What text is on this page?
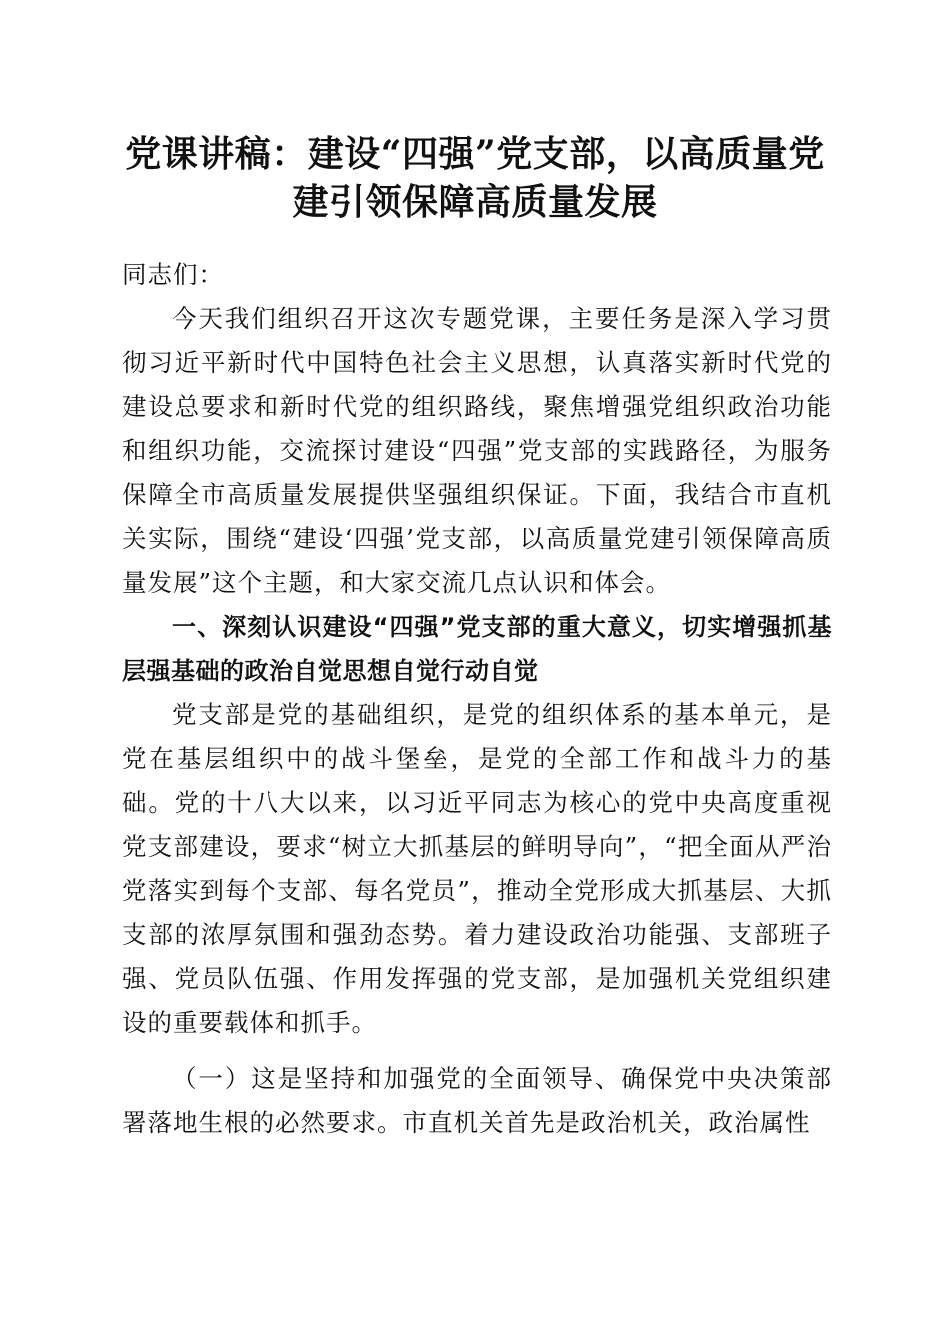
党课讲稿：建设“四强”党支部，以高质量党建引领保障高质量发展

同志们：

今天我们组织召开这次专题党课，主要任务是深入学习贯彻习近平新时代中国特色社会主义思想，认真落实新时代党的建设总要求和新时代党的组织路线，聚焦增强党组织政治功能和组织功能，交流探讨建设“四强”党支部的实践路径，为服务保障全市高质量发展提供坚强组织保证。下面，我结合市直机关实际，围绕“建设‘四强’党支部，以高质量党建引领保障高质量发展”这个主题，和大家交流几点认识和体会。

一、深刻认识建设“四强”党支部的重大意义，切实增强抓基层强基础的政治自觉思想自觉行动自觉

党支部是党的基础组织，是党的组织体系的基本单元，是党在基层组织中的战斗堡垒，是党的全部工作和战斗力的基础。党的十八大以来，以习近平同志为核心的党中央高度重视党支部建设，要求“树立大抓基层的鲜明导向”，“把全面从严治党落实到每个支部、每名党员”，推动全党形成大抓基层、大抓支部的浓厚氛围和强劲态势。着力建设政治功能强、支部班子强、党员队伍强、作用发挥强的党支部，是加强机关党组织建设的重要载体和抓手。

（一）这是坚持和加强党的全面领导、确保党中央决策部署落地生根的必然要求。市直机关首先是政治机关，政治属性
